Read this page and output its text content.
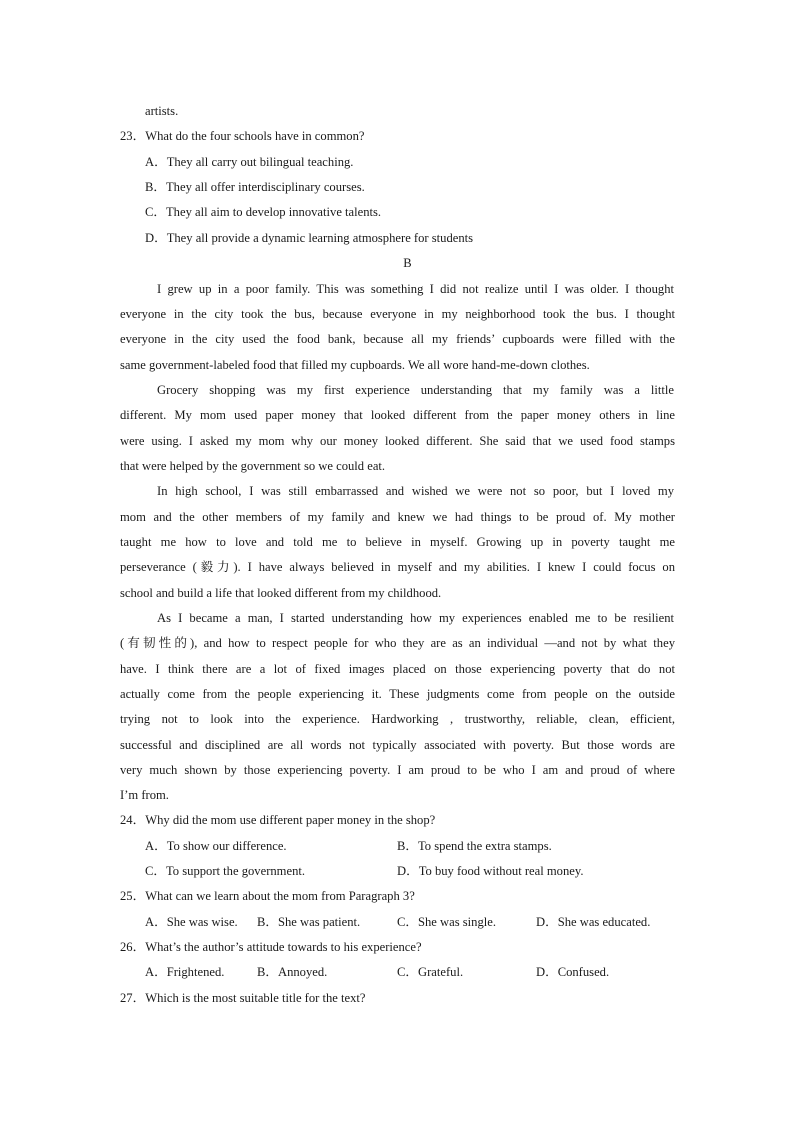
artists.
23．What do the four schools have in common?
A．They all carry out bilingual teaching.
B．They all offer interdisciplinary courses.
C．They all aim to develop innovative talents.
D．They all provide a dynamic learning atmosphere for students
B
I grew up in a poor family. This was something I did not realize until I was older. I thought
everyone in the city took the bus, because everyone in my neighborhood took the bus. I thought
everyone in the city used the food bank, because all my friends’ cupboards were filled with the
same government-labeled food that filled my cupboards. We all wore hand-me-down clothes.
Grocery shopping was my first experience understanding that my family was a little
different. My mom used paper money that looked different from the paper money others in line
were using. I asked my mom why our money looked different. She said that we used food stamps
that were helped by the government so we could eat.
In high school, I was still embarrassed and wished we were not so poor, but I loved my
mom and the other members of my family and knew we had things to be proud of. My mother
taught me how to love and told me to believe in myself. Growing up in poverty taught me
perseverance (毅力). I have always believed in myself and my abilities. I knew I could focus on
school and build a life that looked different from my childhood.
As I became a man, I started understanding how my experiences enabled me to be resilient
(有韧性的), and how to respect people for who they are as an individual —and not by what they
have. I think there are a lot of fixed images placed on those experiencing poverty that do not
actually come from the people experiencing it. These judgments come from people on the outside
trying not to look into the experience. Hardworking , trustworthy, reliable, clean, efficient,
successful and disciplined are all words not typically associated with poverty. But those words are
very much shown by those experiencing poverty. I am proud to be who I am and proud of where
I’m from.
24．Why did the mom use different paper money in the shop?
A．To show our difference.	B．To spend the extra stamps.
C．To support the government.	D．To buy food without real money.
25．What can we learn about the mom from Paragraph 3?
A．She was wise. B．She was patient.	C．She was single.	D．She was educated.
26．What’s the author’s attitude towards to his experience?
A．Frightened.	B．Annoyed.	C．Grateful.	D．Confused.
27．Which is the most suitable title for the text?
